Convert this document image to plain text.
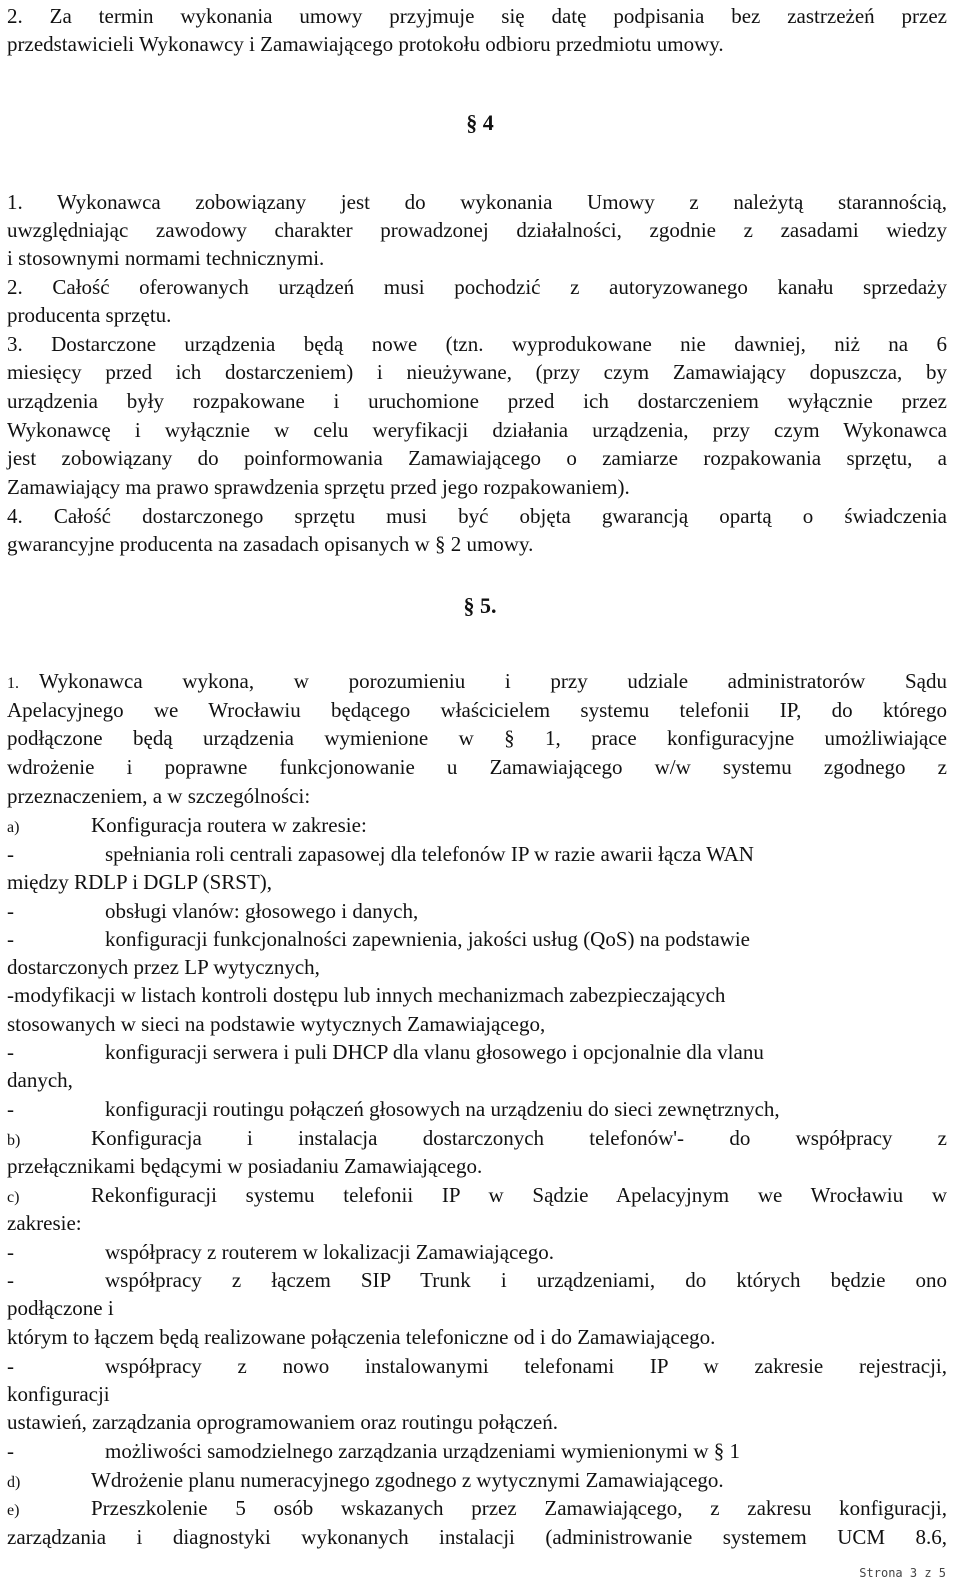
2. Za termin wykonania umowy przyjmuje się datę podpisania bez zastrzeżeń przez
przedstawicieli Wykonawcy i Zamawiającego protokołu odbioru przedmiotu umowy.
§ 4
1. Wykonawca zobowiązany jest do wykonania Umowy z należytą starannością,
uwzględniając zawodowy charakter prowadzonej działalności, zgodnie z zasadami wiedzy
i stosownymi normami technicznymi.
2. Całość oferowanych urządzeń musi pochodzić z autoryzowanego kanału sprzedaży
producenta sprzętu.
3. Dostarczone urządzenia będą nowe (tzn. wyprodukowane nie dawniej, niż na 6
miesięcy przed ich dostarczeniem) i nieużywane, (przy czym Zamawiający dopuszcza, by
urządzenia były rozpakowane i uruchomione przed ich dostarczeniem wyłącznie przez
Wykonawcę i wyłącznie w celu weryfikacji działania urządzenia, przy czym Wykonawca
jest zobowiązany do poinformowania Zamawiającego o zamiarze rozpakowania sprzętu, a
Zamawiający ma prawo sprawdzenia sprzętu przed jego rozpakowaniem).
4. Całość dostarczonego sprzętu musi być objęta gwarancją opartą o świadczenia
gwarancyjne producenta na zasadach opisanych w § 2 umowy.
§ 5.
1. Wykonawca wykona, w porozumieniu i przy udziale administratorów Sądu
Apelacyjnego we Wrocławiu będącego właścicielem systemu telefonii IP, do którego
podłączone będą urządzenia wymienione w § 1, prace konfiguracyjne umożliwiające
wdrożenie i poprawne funkcjonowanie u Zamawiającego w/w systemu zgodnego z
przeznaczeniem, a w szczególności:
a)	Konfiguracja routera w zakresie:
-	spełniania roli centrali zapasowej dla telefonów IP w razie awarii łącza WAN
między RDLP i DGLP (SRST),
-	obsługi vlanów: głosowego i danych,
-	konfiguracji funkcjonalności zapewnienia, jakości usług (QoS) na podstawie
dostarczonych przez LP wytycznych,
-modyfikacji w listach kontroli dostępu lub innych mechanizmach zabezpieczających
stosowanych w sieci na podstawie wytycznych Zamawiającego,
-	konfiguracji serwera i puli DHCP dla vlanu głosowego i opcjonalnie dla vlanu
danych,
-	konfiguracji routingu połączeń głosowych na urządzeniu do sieci zewnętrznych,
b)	Konfiguracja i instalacja dostarczonych telefonów'- do współpracy z
przełącznikami będącymi w posiadaniu Zamawiającego.
c)	Rekonfiguracji systemu telefonii IP w Sądzie Apelacyjnym we Wrocławiu w
zakresie:
-	współpracy z routerem w lokalizacji Zamawiającego.
-	współpracy z łączem SIP Trunk i urządzeniami, do których będzie ono
podłączone i
którym to łączem będą realizowane połączenia telefoniczne od i do Zamawiającego.
-	współpracy z nowo instalowanymi telefonami IP w zakresie rejestracji,
konfiguracji
ustawień, zarządzania oprogramowaniem oraz routingu połączeń.
-	możliwości samodzielnego zarządzania urządzeniami wymienionymi w § 1
d)	Wdrożenie planu numeracyjnego zgodnego z wytycznymi Zamawiającego.
e)	Przeszkolenie 5 osób wskazanych przez Zamawiającego, z zakresu konfiguracji,
zarządzania i diagnostyki wykonanych instalacji (administrowanie systemem UCM 8.6,
Strona 3 z 5
